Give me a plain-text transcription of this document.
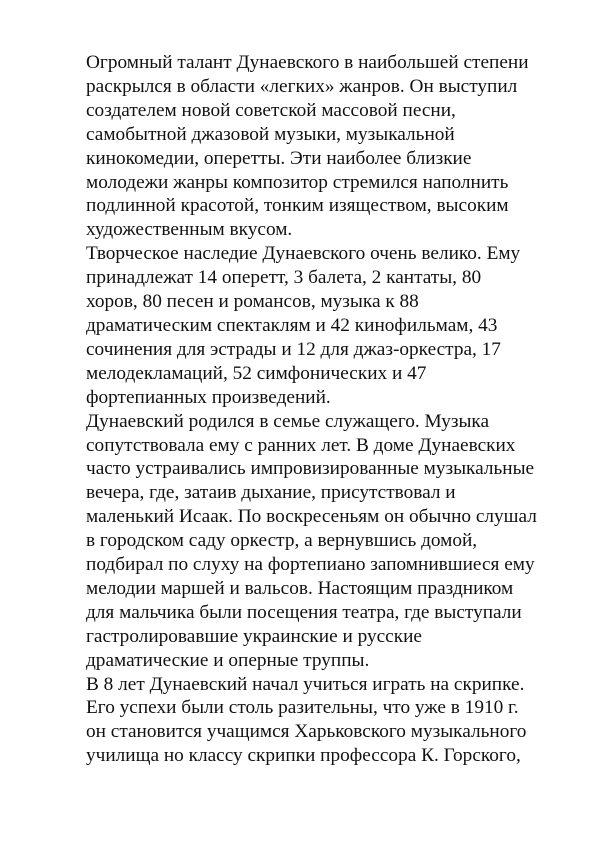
Огромный талант Дунаевского в наибольшей степени
раскрылся в области «легких» жанров. Он выступил
создателем новой советской массовой песни,
самобытной джазовой музыки, музыкальной
кинокомедии, оперетты. Эти наиболее близкие
молодежи жанры композитор стремился наполнить
подлинной красотой, тонким изяществом, высоким
художественным вкусом.
Творческое наследие Дунаевского очень велико. Ему
принадлежат 14 оперетт, 3 балета, 2 кантаты, 80
хоров, 80 песен и романсов, музыка к 88
драматическим спектаклям и 42 кинофильмам, 43
сочинения для эстрады и 12 для джаз-оркестра, 17
мелодекламаций, 52 симфонических и 47
фортепианных произведений.
Дунаевский родился в семье служащего. Музыка
сопутствовала ему с ранних лет. В доме Дунаевских
часто устраивались импровизированные музыкальные
вечера, где, затаив дыхание, присутствовал и
маленький Исаак. По воскресеньям он обычно слушал
в городском саду оркестр, а вернувшись домой,
подбирал по слуху на фортепиано запомнившиеся ему
мелодии маршей и вальсов. Настоящим праздником
для мальчика были посещения театра, где выступали
гастролировавшие украинские и русские
драматические и оперные труппы.
В 8 лет Дунаевский начал учиться играть на скрипке.
Его успехи были столь разительны, что уже в 1910 г.
он становится учащимся Харьковского музыкального
училища но классу скрипки профессора К. Горского,
